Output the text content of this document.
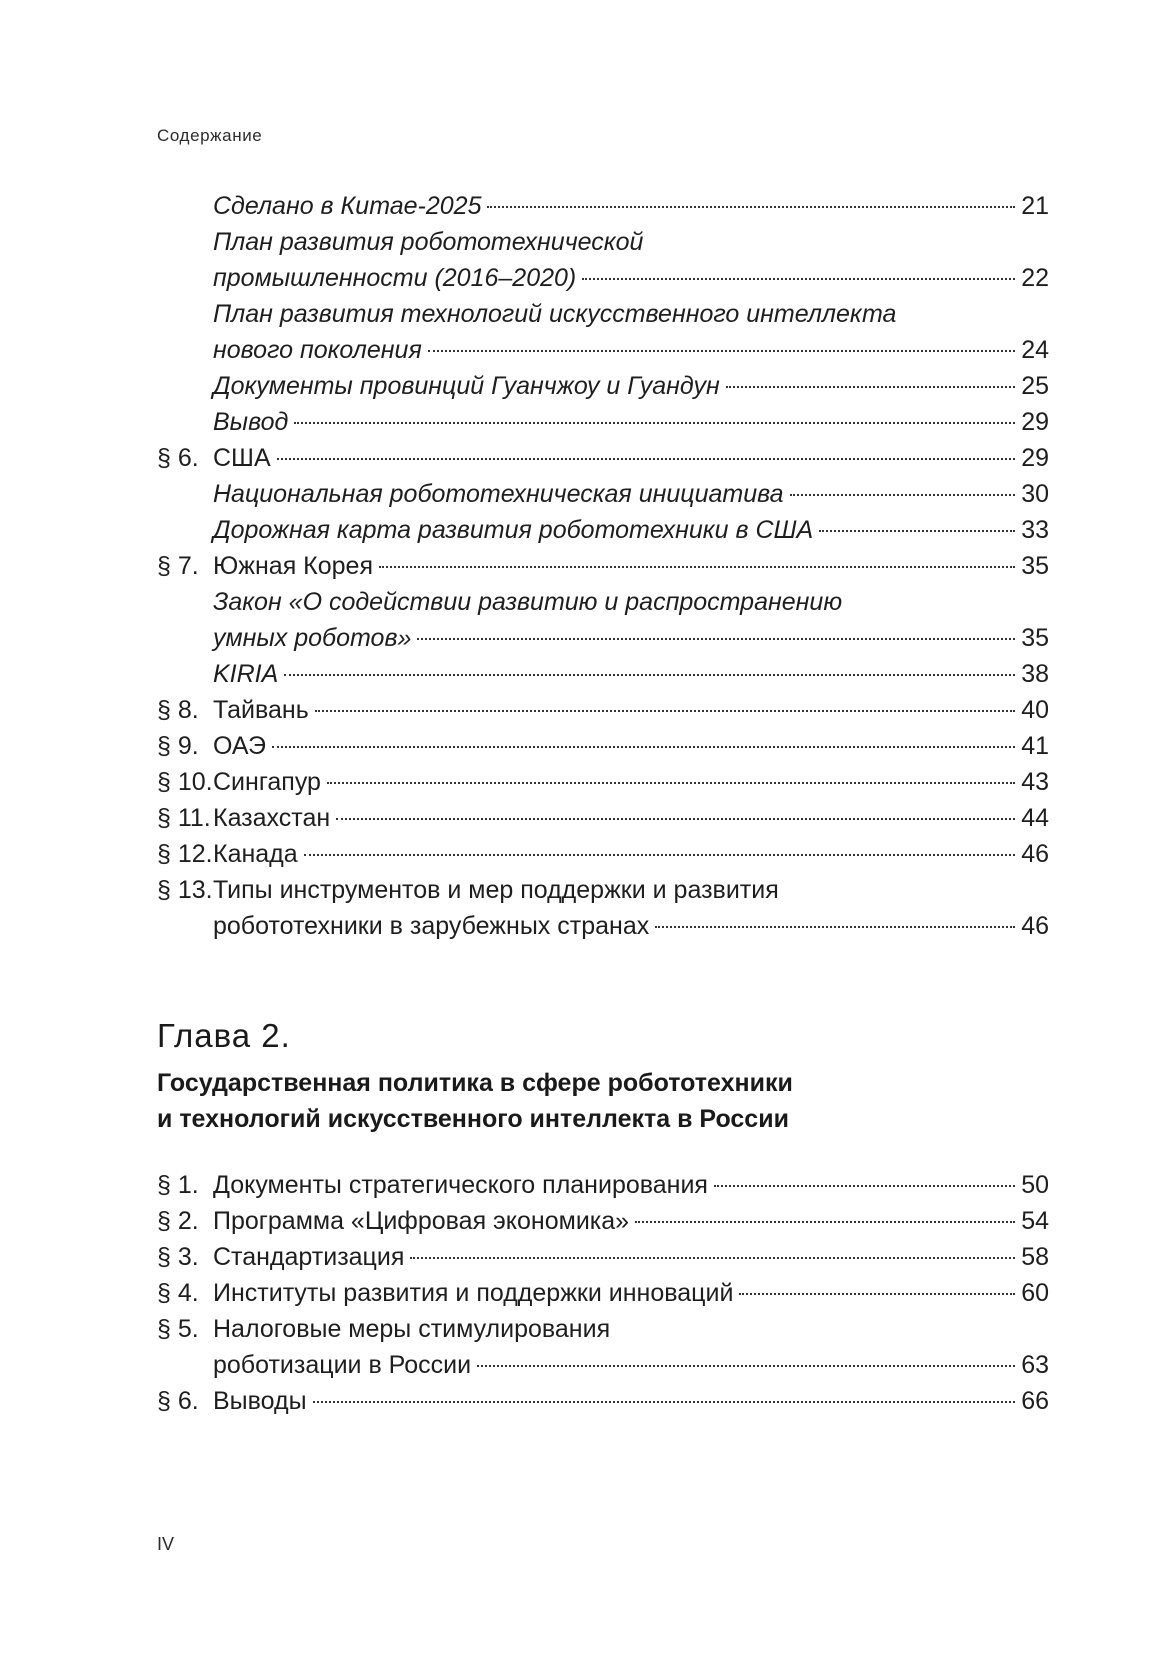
Содержание
Сделано в Китае-2025	21
План развития робототехнической
промышленности (2016–2020)	22
План развития технологий искусственного интеллекта
нового поколения	24
Документы провинций Гуанчжоу и Гуандун	25
Вывод	29
§ 6. США	29
Национальная робототехническая инициатива	30
Дорожная карта развития робототехники в США	33
§ 7. Южная Корея	35
Закон «О содействии развитию и распространению
умных роботов»	35
KIRIA	38
§ 8. Тайвань	40
§ 9. ОАЭ	41
§ 10. Сингапур	43
§ 11. Казахстан	44
§ 12. Канада	46
§ 13. Типы инструментов и мер поддержки и развития
робототехники в зарубежных странах	46
Глава 2.
Государственная политика в сфере робототехники
и технологий искусственного интеллекта в России
§ 1. Документы стратегического планирования	50
§ 2. Программа «Цифровая экономика»	54
§ 3. Стандартизация	58
§ 4. Институты развития и поддержки инноваций	60
§ 5. Налоговые меры стимулирования
роботизации в России	63
§ 6. Выводы	66
IV
